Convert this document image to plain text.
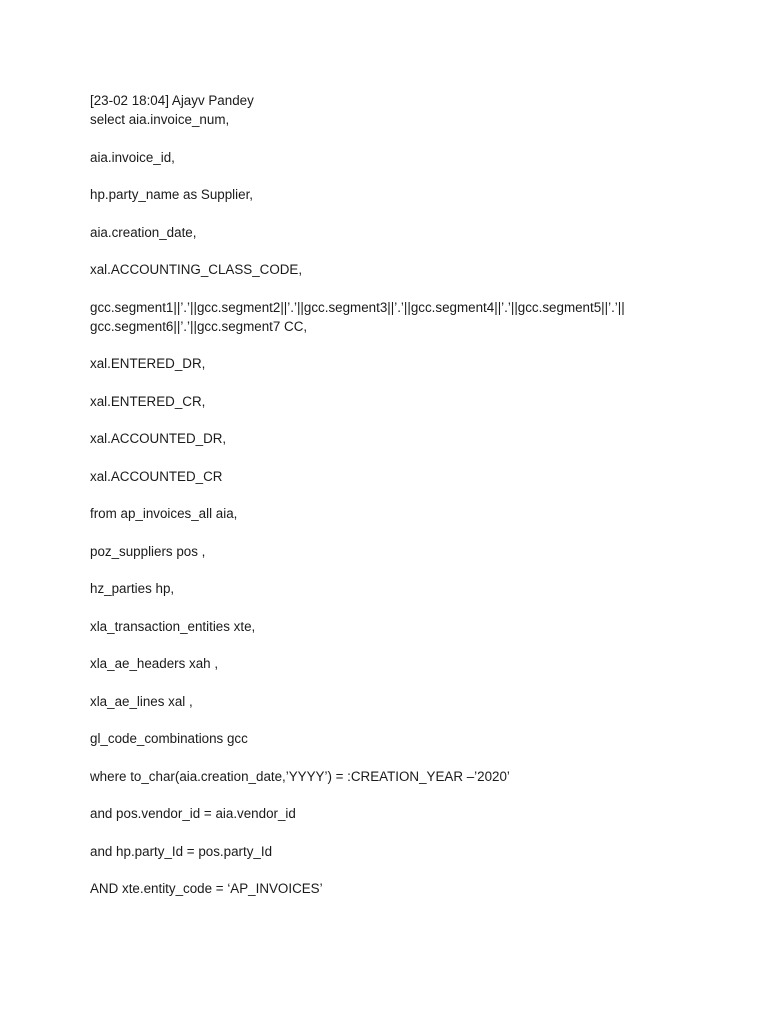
[23-02 18:04] Ajayv Pandey

select aia.invoice_num,

aia.invoice_id,

hp.party_name as Supplier,

aia.creation_date,

xal.ACCOUNTING_CLASS_CODE,

gcc.segment1||’.’||gcc.segment2||’.’||gcc.segment3||’.’||gcc.segment4||’.’||gcc.segment5||’.’|| gcc.segment6||’.’||gcc.segment7 CC,

xal.ENTERED_DR,

xal.ENTERED_CR,

xal.ACCOUNTED_DR,

xal.ACCOUNTED_CR

from ap_invoices_all aia,

poz_suppliers pos ,

hz_parties hp,

xla_transaction_entities xte,

xla_ae_headers xah ,

xla_ae_lines xal ,

gl_code_combinations gcc

where to_char(aia.creation_date,’YYYY’) = :CREATION_YEAR –’2020’

and pos.vendor_id = aia.vendor_id

and hp.party_Id = pos.party_Id

AND xte.entity_code = ‘AP_INVOICES’
